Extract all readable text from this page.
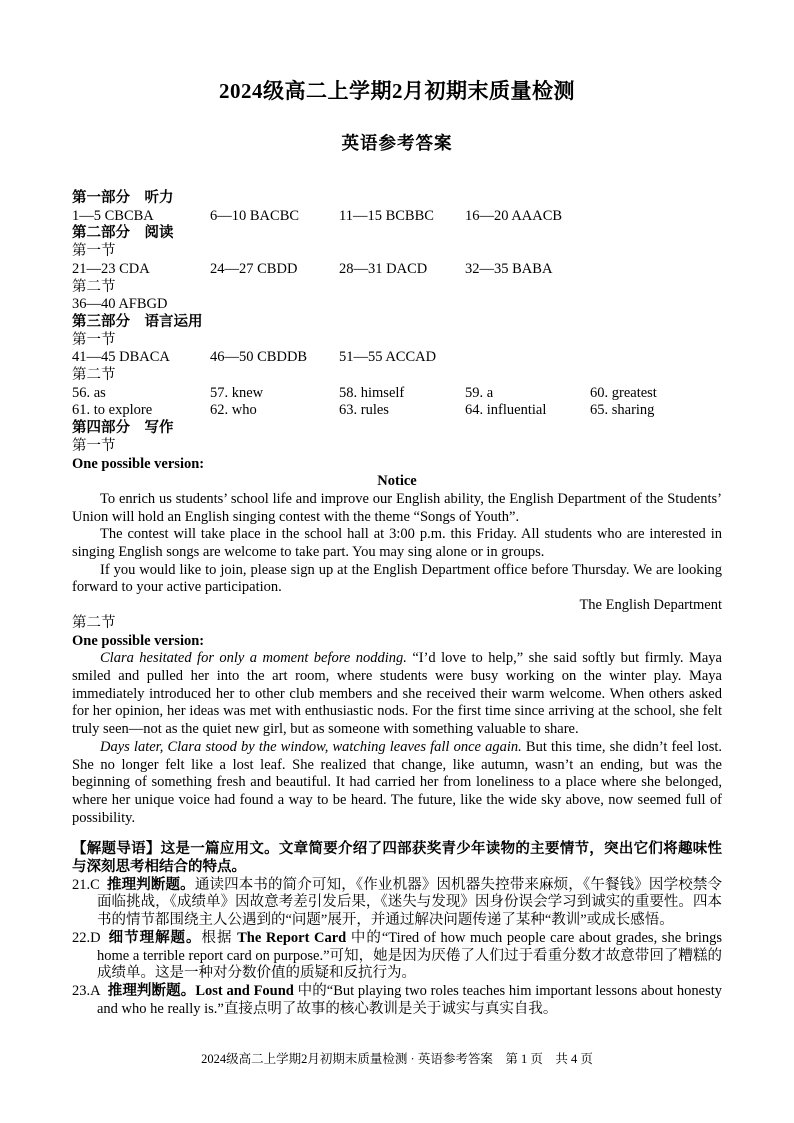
2024级高二上学期2月初期末质量检测
英语参考答案
第一部分　听力
1—5 CBCBA	6—10 BACBC	11—15 BCBBC	16—20 AAACB
第二部分　阅读
第一节
21—23 CDA	24—27 CBDD	28—31 DACD	32—35 BABA
第二节
36—40 AFBGD
第三部分　语言运用
第一节
41—45 DBACA	46—50 CBDDB	51—55 ACCAD
第二节
56. as	57. knew	58. himself	59. a	60. greatest
61. to explore	62. who	63. rules	64. influential	65. sharing
第四部分　写作
第一节
One possible version:
Notice

To enrich us students’ school life and improve our English ability, the English Department of the Students’ Union will hold an English singing contest with the theme “Songs of Youth”.

The contest will take place in the school hall at 3:00 p.m. this Friday. All students who are interested in singing English songs are welcome to take part. You may sing alone or in groups.

If you would like to join, please sign up at the English Department office before Thursday. We are looking forward to your active participation.

The English Department
第二节
One possible version:

Clara hesitated for only a moment before nodding. “I’d love to help,” she said softly but firmly. Maya smiled and pulled her into the art room, where students were busy working on the winter play. Maya immediately introduced her to other club members and she received their warm welcome. When others asked for her opinion, her ideas was met with enthusiastic nods. For the first time since arriving at the school, she felt truly seen—not as the quiet new girl, but as someone with something valuable to share.

Days later, Clara stood by the window, watching leaves fall once again. But this time, she didn’t feel lost. She no longer felt like a lost leaf. She realized that change, like autumn, wasn’t an ending, but was the beginning of something fresh and beautiful. It had carried her from loneliness to a place where she belonged, where her unique voice had found a way to be heard. The future, like the wide sky above, now seemed full of possibility.

【解题导语】这是一篇应用文。文章简要介绍了四部获奖青少年读物的主要情节，突出它们将趣味性与深刻思考相结合的特点。

21.C 推理判断题。通读四本书的简介可知，《作业机器》因机器失控带来麻烦，《午餐钱》因学校禁令面临挑战，《成绩单》因故意考差引发后果，《迷失与发现》因身份误会学习到诚实的重要性。四本书的情节都围绕主人公遇到的“问题”展开，并通过解决问题传递了某种“教训”或成长感悟。
22.D 细节理解题。根据 The Report Card 中的“Tired of how much people care about grades, she brings home a terrible report card on purpose.”可知，她是因为厌倦了人们过于看重分数才故意带回了糟糕的成绩单。这是一种对分数价值的质疑和反抗行为。
23.A 推理判断题。Lost and Found 中的“But playing two roles teaches him important lessons about honesty and who he really is.”直接点明了故事的核心教训是关于诚实与真实自我。
2024级高二上学期2月初期末质量检测 · 英语参考答案　第 1 页　共 4 页
